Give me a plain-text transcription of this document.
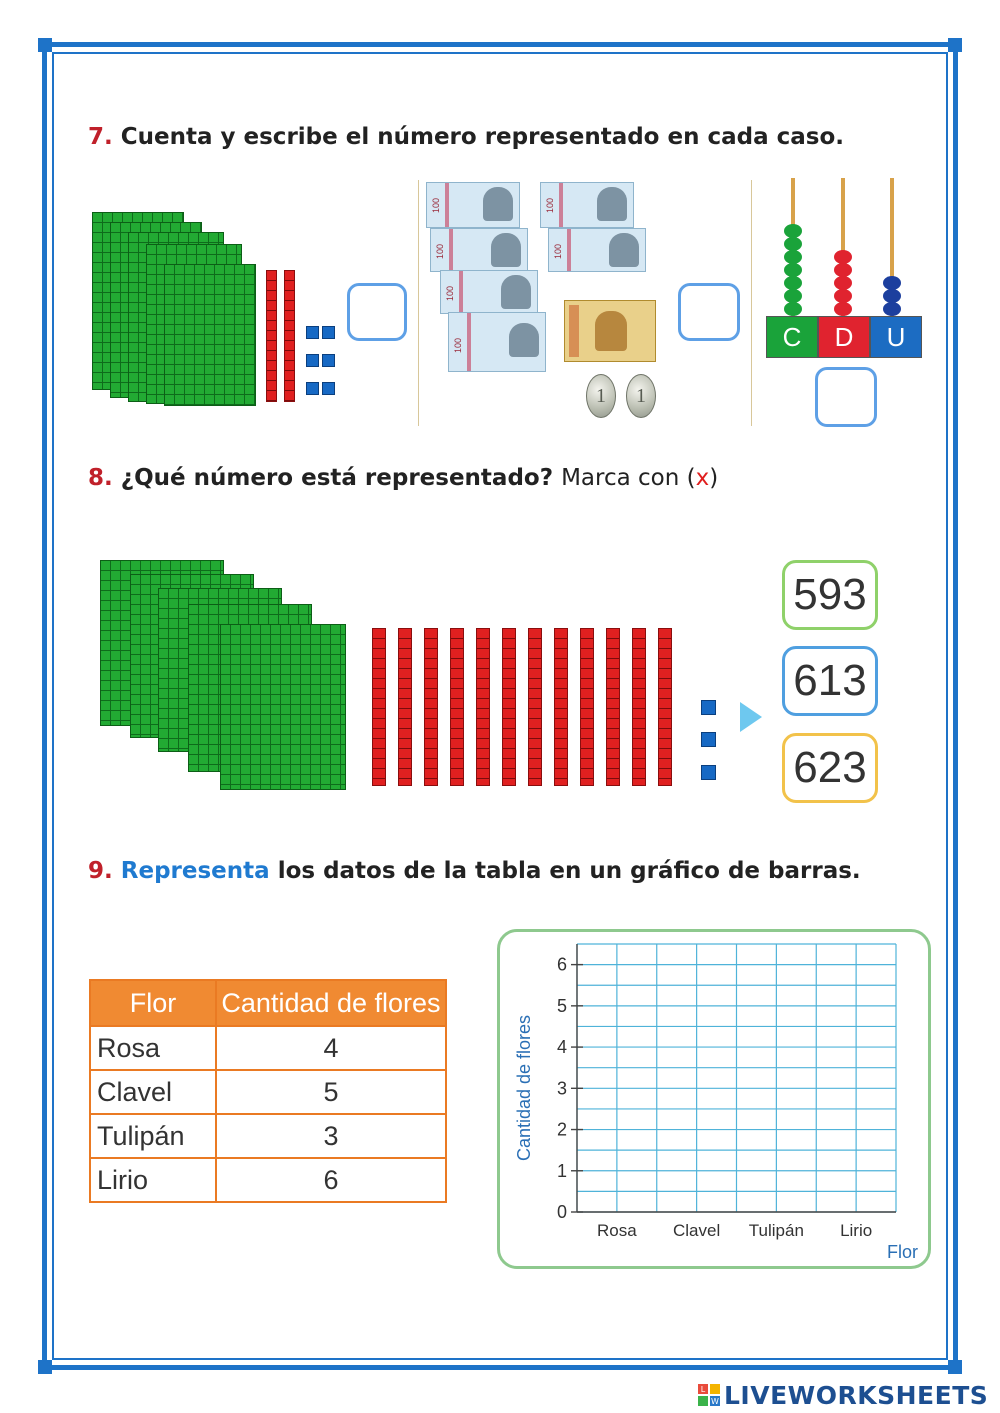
7. Cuenta y escribe el número representado en cada caso.
100	100
100	100
100
100
1 1
C	D	U
8. ¿Qué número está representado? Marca con (x)
593
613
623
9. Representa los datos de la tabla en un gráfico de barras.
Flor	Cantidad de flores
Rosa	4
Clavel	5
Tulipán	3
Lirio	6
0
1
2
3
4
5
6
Rosa Clavel Tulipán Lirio
Cantidad de flores
Flor
L
W LIVEWORKSHEETS
